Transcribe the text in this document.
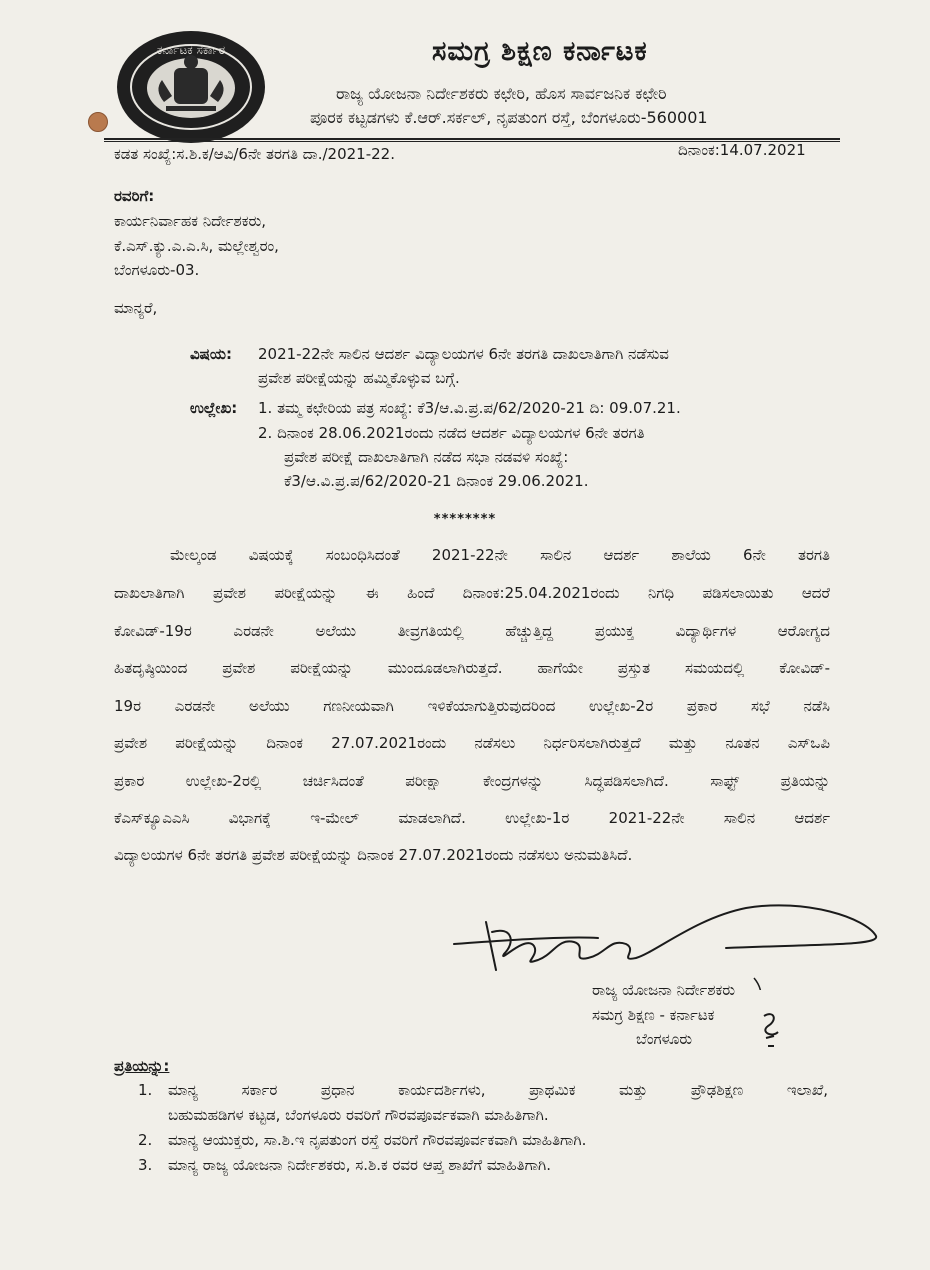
ಕರ್ನಾಟಕ ಸರ್ಕಾರ	ಸಮಗ್ರ ಶಿಕ್ಷಣ ಕರ್ನಾಟಕ
ರಾಜ್ಯ ಯೋಜನಾ ನಿರ್ದೇಶಕರು ಕಛೇರಿ, ಹೊಸ ಸಾರ್ವಜನಿಕ ಕಛೇರಿ
ಪೂರಕ ಕಟ್ಟಡಗಳು ಕೆ.ಆರ್.ಸರ್ಕಲ್, ನೃಪತುಂಗ ರಸ್ತೆ, ಬೆಂಗಳೂರು-560001
ಕಡತ ಸಂಖ್ಯೆ:ಸ.ಶಿ.ಕ/ಆವಿ/6ನೇ ತರಗತಿ ದಾ./2021-22.	ದಿನಾಂಕ:14.07.2021
ರವರಿಗೆ:
ಕಾರ್ಯನಿರ್ವಾಹಕ ನಿರ್ದೇಶಕರು,
ಕೆ.ಎಸ್.ಕ್ಯು.ಎ.ಎ.ಸಿ, ಮಲ್ಲೇಶ್ವರಂ,
ಬೆಂಗಳೂರು-03.
ಮಾನ್ಯರೆ,
ವಿಷಯ: 2021-22ನೇ ಸಾಲಿನ ಆದರ್ಶ ವಿದ್ಯಾಲಯಗಳ 6ನೇ ತರಗತಿ ದಾಖಲಾತಿಗಾಗಿ ನಡೆಸುವ
ಪ್ರವೇಶ ಪರೀಕ್ಷೆಯನ್ನು ಹಮ್ಮಿಕೊಳ್ಳುವ ಬಗ್ಗೆ.
ಉಲ್ಲೇಖ: 1. ತಮ್ಮ ಕಛೇರಿಯ ಪತ್ರ ಸಂಖ್ಯೆ: ಕೆ3/ಆ.ವಿ.ಪ್ರ.ಪ/62/2020-21 ದಿ: 09.07.21.
2. ದಿನಾಂಕ 28.06.2021ರಂದು ನಡೆದ ಆದರ್ಶ ವಿದ್ಯಾಲಯಗಳ 6ನೇ ತರಗತಿ
ಪ್ರವೇಶ ಪರೀಕ್ಷೆ ದಾಖಲಾತಿಗಾಗಿ ನಡೆದ ಸಭಾ ನಡವಳಿ ಸಂಖ್ಯೆ:
ಕೆ3/ಆ.ವಿ.ಪ್ರ.ಪ/62/2020-21 ದಿನಾಂಕ 29.06.2021.
********
ಮೇಲ್ಕಂಡ ವಿಷಯಕ್ಕೆ ಸಂಬಂಧಿಸಿದಂತೆ 2021-22ನೇ ಸಾಲಿನ ಆದರ್ಶ ಶಾಲೆಯ 6ನೇ ತರಗತಿ
ದಾಖಲಾತಿಗಾಗಿ ಪ್ರವೇಶ ಪರೀಕ್ಷೆಯನ್ನು ಈ ಹಿಂದೆ ದಿನಾಂಕ:25.04.2021ರಂದು ನಿಗಧಿ ಪಡಿಸಲಾಯಿತು ಆದರೆ
ಕೋವಿಡ್-19ರ ಎರಡನೇ ಅಲೆಯು ತೀವ್ರಗತಿಯಲ್ಲಿ ಹೆಚ್ಚುತ್ತಿದ್ದ ಪ್ರಯುಕ್ತ ವಿದ್ಯಾರ್ಥಿಗಳ ಆರೋಗ್ಯದ
ಹಿತದೃಷ್ಠಿಯಿಂದ ಪ್ರವೇಶ ಪರೀಕ್ಷೆಯನ್ನು ಮುಂದೂಡಲಾಗಿರುತ್ತದೆ. ಹಾಗೆಯೇ ಪ್ರಸ್ತುತ ಸಮಯದಲ್ಲಿ ಕೋವಿಡ್-
19ರ ಎರಡನೇ ಅಲೆಯು ಗಣನೀಯವಾಗಿ ಇಳಿಕೆಯಾಗುತ್ತಿರುವುದರಿಂದ ಉಲ್ಲೇಖ-2ರ ಪ್ರಕಾರ ಸಭೆ ನಡೆಸಿ
ಪ್ರವೇಶ ಪರೀಕ್ಷೆಯನ್ನು ದಿನಾಂಕ 27.07.2021ರಂದು ನಡೆಸಲು ನಿರ್ಧರಿಸಲಾಗಿರುತ್ತದೆ ಮತ್ತು ನೂತನ ಎಸ್‌ಒಪಿ
ಪ್ರಕಾರ ಉಲ್ಲೇಖ-2ರಲ್ಲಿ ಚರ್ಚಿಸಿದಂತೆ ಪರೀಕ್ಷಾ ಕೇಂದ್ರಗಳನ್ನು ಸಿದ್ಧಪಡಿಸಲಾಗಿದೆ. ಸಾಫ್ಟ್ ಪ್ರತಿಯನ್ನು
ಕೆಎಸ್‌ಕ್ಯೂಎಎಸಿ ವಿಭಾಗಕ್ಕೆ ಇ-ಮೇಲ್ ಮಾಡಲಾಗಿದೆ. ಉಲ್ಲೇಖ-1ರ 2021-22ನೇ ಸಾಲಿನ ಆದರ್ಶ
ವಿದ್ಯಾಲಯಗಳ 6ನೇ ತರಗತಿ ಪ್ರವೇಶ ಪರೀಕ್ಷೆಯನ್ನು ದಿನಾಂಕ 27.07.2021ರಂದು ನಡೆಸಲು ಅನುಮತಿಸಿದೆ.
ರಾಜ್ಯ ಯೋಜನಾ ನಿರ್ದೇಶಕರು
ಸಮಗ್ರ ಶಿಕ್ಷಣ - ಕರ್ನಾಟಕ
ಬೆಂಗಳೂರು
ಪ್ರತಿಯನ್ನು:
1. ಮಾನ್ಯ ಸರ್ಕಾರ ಪ್ರಧಾನ ಕಾರ್ಯದರ್ಶಿಗಳು, ಪ್ರಾಥಮಿಕ ಮತ್ತು ಪ್ರೌಢಶಿಕ್ಷಣ ಇಲಾಖೆ,
ಬಹುಮಹಡಿಗಳ ಕಟ್ಟಡ, ಬೆಂಗಳೂರು ರವರಿಗೆ ಗೌರವಪೂರ್ವಕವಾಗಿ ಮಾಹಿತಿಗಾಗಿ.
2. ಮಾನ್ಯ ಆಯುಕ್ತರು, ಸಾ.ಶಿ.ಇ ನೃಪತುಂಗ ರಸ್ತೆ ರವರಿಗೆ ಗೌರವಪೂರ್ವಕವಾಗಿ ಮಾಹಿತಿಗಾಗಿ.
3. ಮಾನ್ಯ ರಾಜ್ಯ ಯೋಜನಾ ನಿರ್ದೇಶಕರು, ಸ.ಶಿ.ಕ ರವರ ಆಪ್ತ ಶಾಖೆಗೆ ಮಾಹಿತಿಗಾಗಿ.
